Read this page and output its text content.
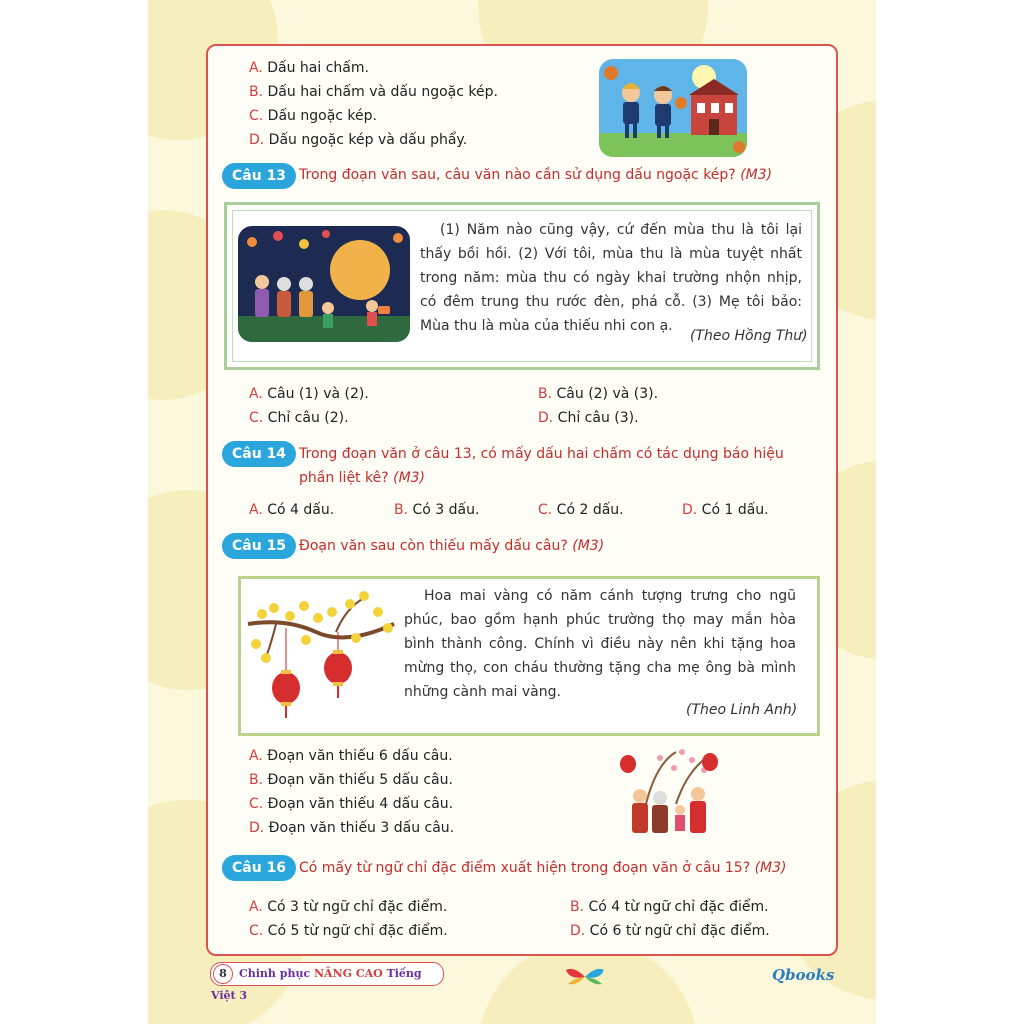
A. Dấu hai chấm.
B. Dấu hai chấm và dấu ngoặc kép.
C. Dấu ngoặc kép.
D. Dấu ngoặc kép và dấu phẩy.
Câu 13 Trong đoạn văn sau, câu văn nào cần sử dụng dấu ngoặc kép? (M3)
(1) Năm nào cũng vậy, cứ đến mùa thu là tôi lại thấy bồi hồi. (2) Với tôi, mùa thu là mùa tuyệt nhất trong năm: mùa thu có ngày khai trường nhộn nhịp, có đêm trung thu rước đèn, phá cỗ. (3) Mẹ tôi bảo: Mùa thu là mùa của thiếu nhi con ạ.
(Theo Hồng Thư)
A. Câu (1) và (2).	B. Câu (2) và (3).
C. Chỉ câu (2).	D. Chỉ câu (3).
Câu 14 Trong đoạn văn ở câu 13, có mấy dấu hai chấm có tác dụng báo hiệu
phần liệt kê? (M3)
A. Có 4 dấu.	B. Có 3 dấu.	C. Có 2 dấu.	D. Có 1 dấu.
Câu 15 Đoạn văn sau còn thiếu mấy dấu câu? (M3)
Hoa mai vàng có năm cánh tượng trưng cho ngũ phúc, bao gồm hạnh phúc trường thọ may mắn hòa bình thành công. Chính vì điều này nên khi tặng hoa mừng thọ, con cháu thường tặng cha mẹ ông bà mình những cành mai vàng.
(Theo Linh Anh)
A. Đoạn văn thiếu 6 dấu câu.
B. Đoạn văn thiếu 5 dấu câu.
C. Đoạn văn thiếu 4 dấu câu.
D. Đoạn văn thiếu 3 dấu câu.
Câu 16 Có mấy từ ngữ chỉ đặc điểm xuất hiện trong đoạn văn ở câu 15? (M3)
A. Có 3 từ ngữ chỉ đặc điểm.	B. Có 4 từ ngữ chỉ đặc điểm.
C. Có 5 từ ngữ chỉ đặc điểm.	D. Có 6 từ ngữ chỉ đặc điểm.
8 Chinh phục NÂNG CAO Tiếng Việt 3
Qbooks
